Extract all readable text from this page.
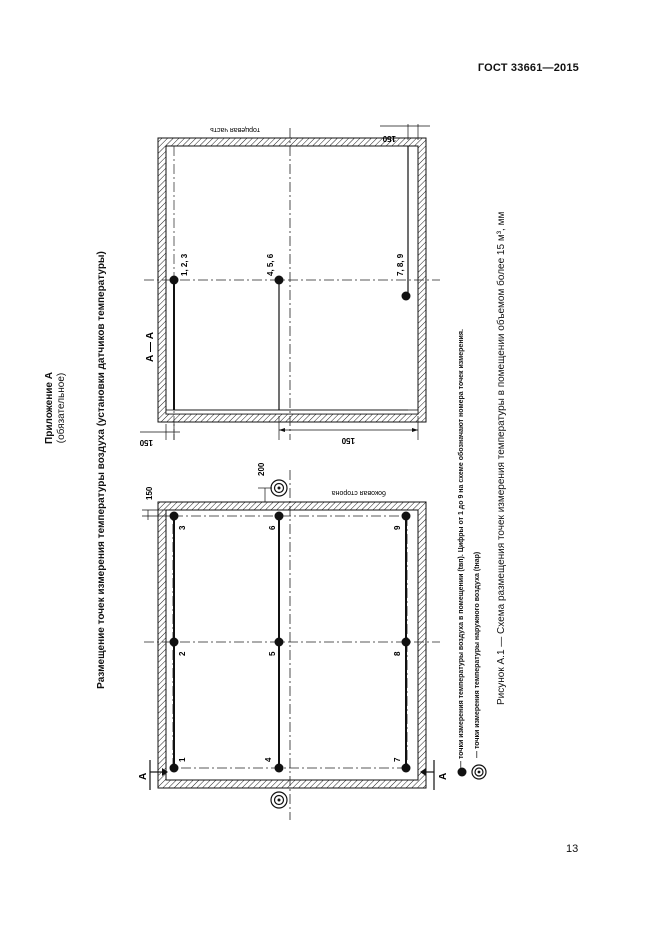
ГОСТ 33661—2015
Приложение А (обязательное)	Размещение точек измерения температуры воздуха (установки датчиков температуры)
1
2
3
4
5
6
7
8
9
А	А
150
200
боковая сторона
1, 2, 3	4, 5, 6	7, 8, 9
А — А
торцевая часть
150	150
150
— точки измерения температуры воздуха в помещении (tвп). Цифры от 1 до 9 на схеме обозначают номера точек измерения. — точки измерения температуры наружного воздуха (tнар) Рисунок А.1 — Схема размещения точек измерения температуры в помещении объемом более 15 м³, мм
13
